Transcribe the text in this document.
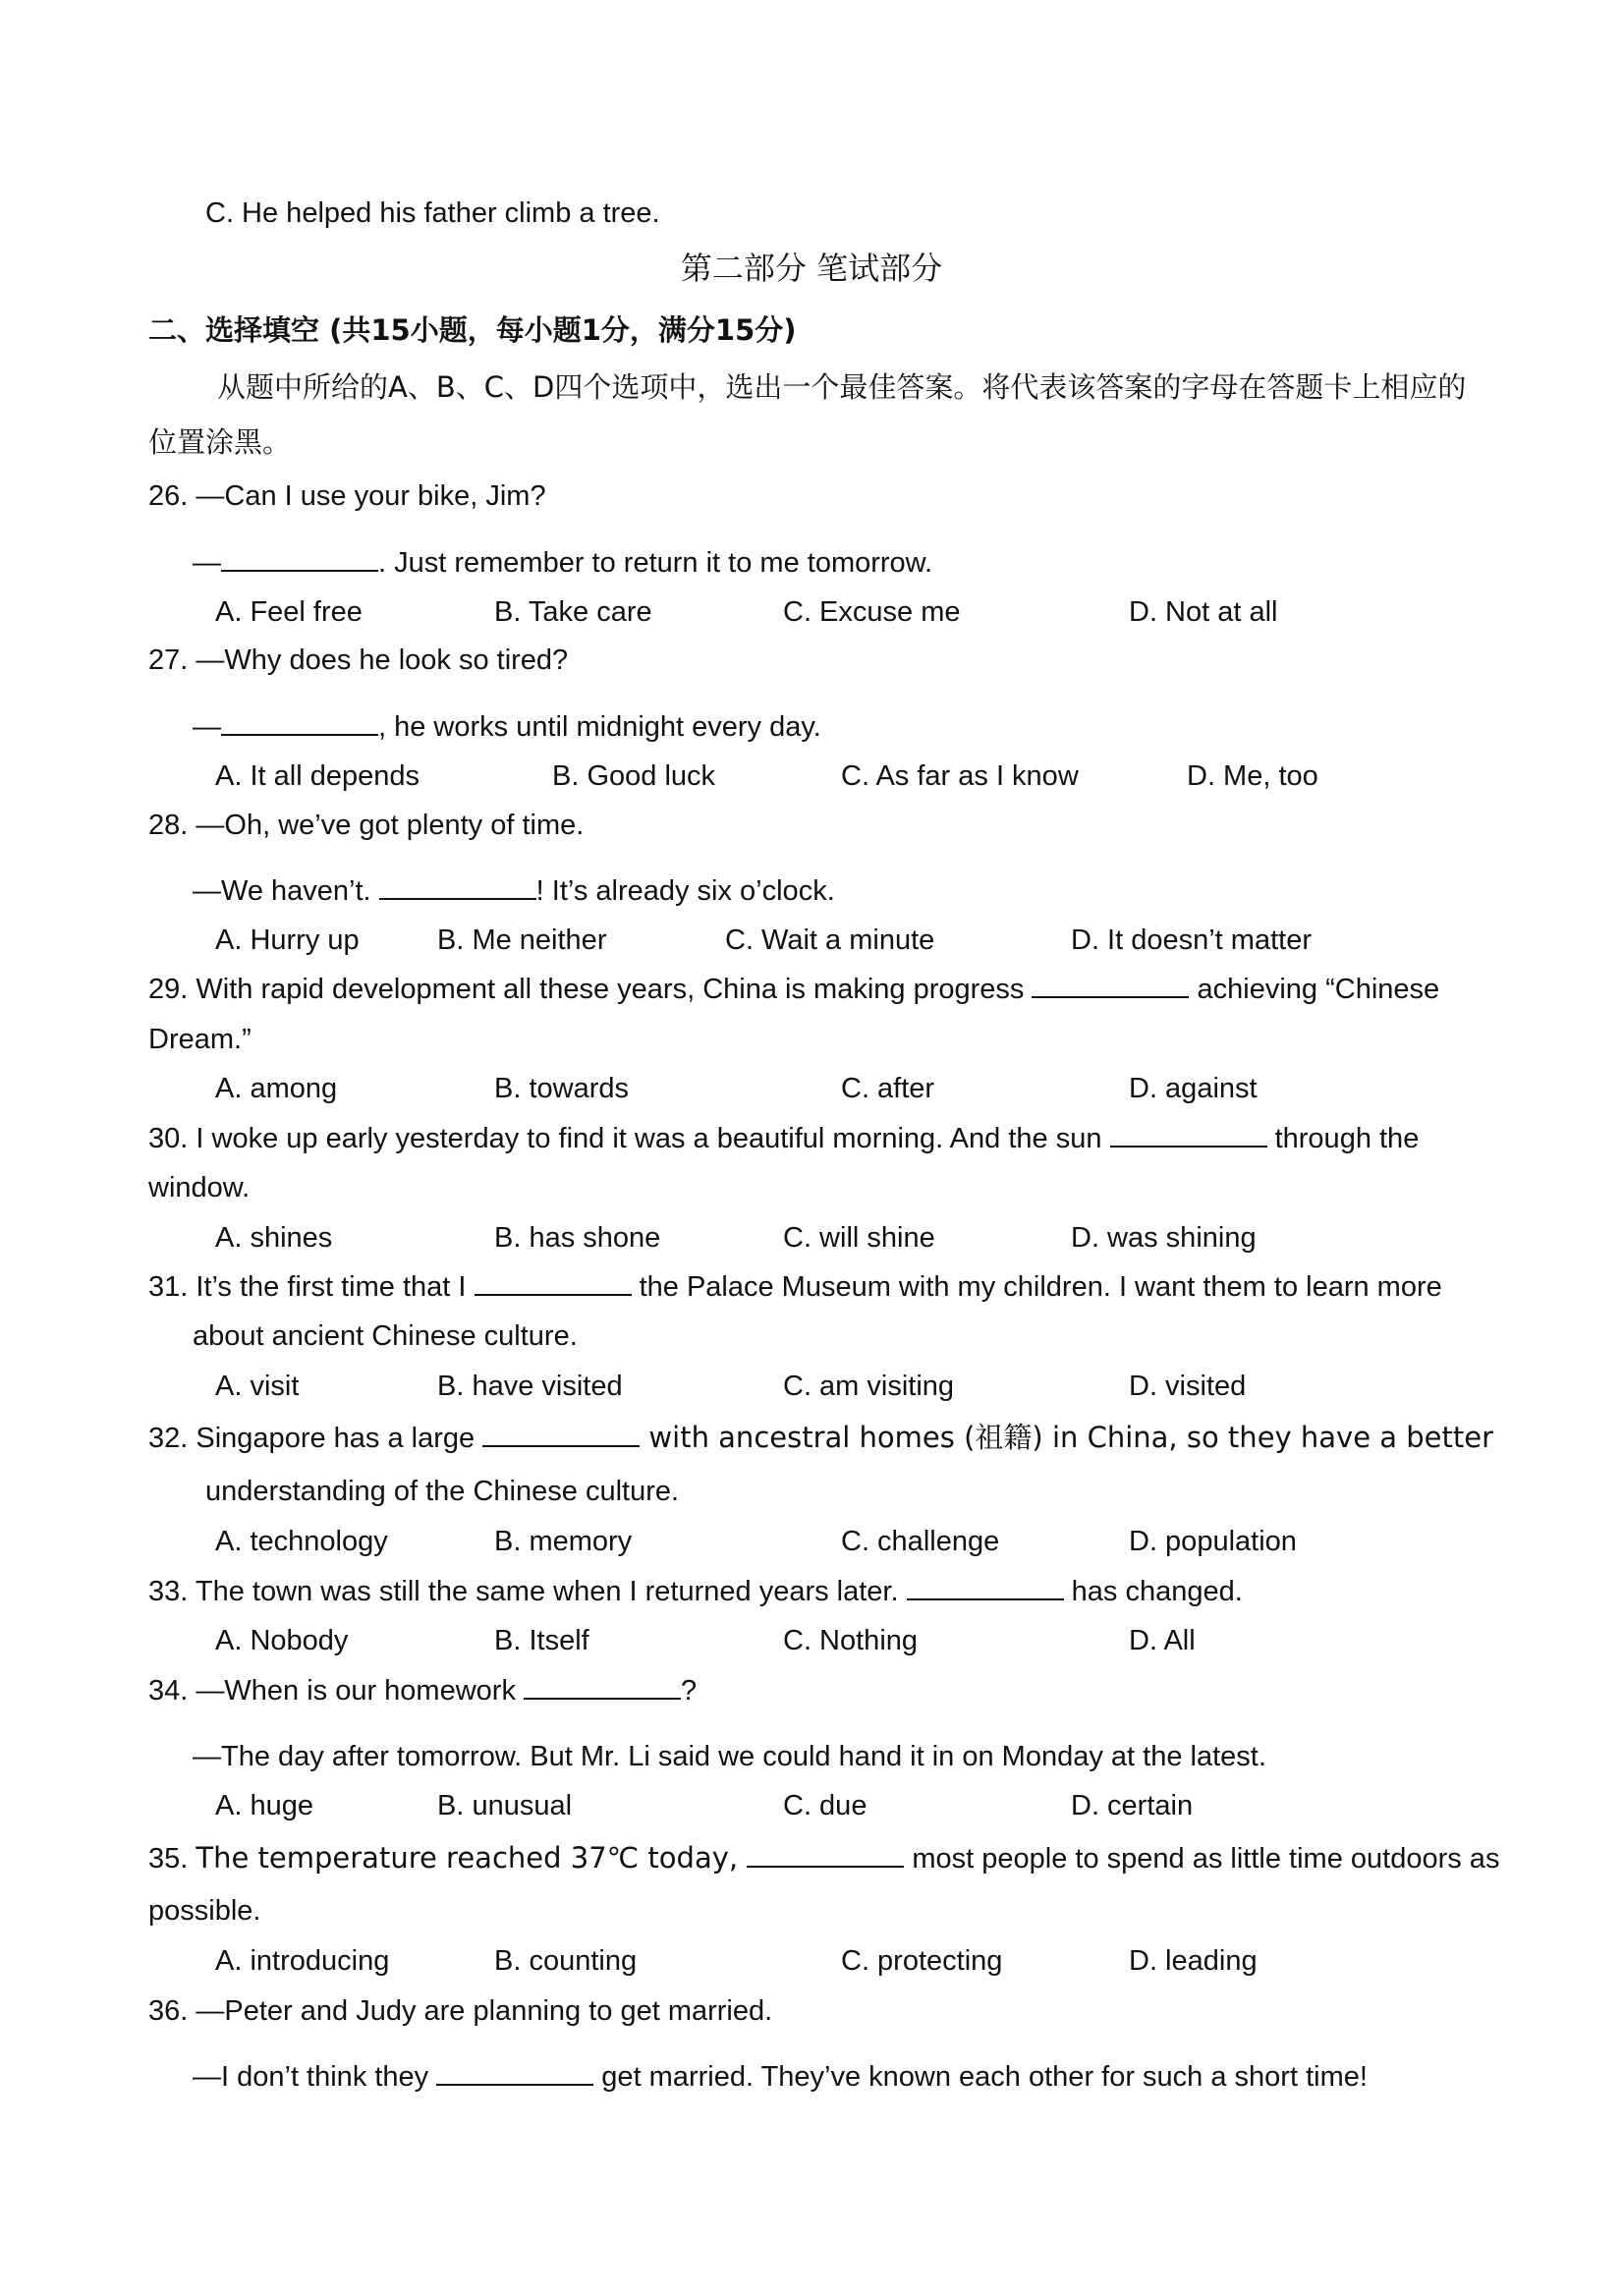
C. He helped his father climb a tree.
第二部分 笔试部分
二、选择填空 (共15小题，每小题1分，满分15分)
从题中所给的A、B、C、D四个选项中，选出一个最佳答案。将代表该答案的字母在答题卡上相应的
位置涂黑。
26. —Can I use your bike, Jim?
—	. Just remember to return it to me tomorrow.
A. Feel free	B. Take care	C. Excuse me	D. Not at all
27. —Why does he look so tired?
—	, he works until midnight every day.
A. It all depends	B. Good luck	C. As far as I know	D. Me, too
28. —Oh, we’ve got plenty of time.
—We haven’t.	! It’s already six o’clock.
A. Hurry up	B. Me neither	C. Wait a minute	D. It doesn’t matter
29. With rapid development all these years, China is making progress	achieving “Chinese
Dream.”
A. among	B. towards	C. after	D. against
30. I woke up early yesterday to find it was a beautiful morning. And the sun	through the
window.
A. shines	B. has shone	C. will shine	D. was shining
31. It’s the first time that I	the Palace Museum with my children. I want them to learn more
about ancient Chinese culture.
A. visit	B. have visited	C. am visiting	D. visited
32. Singapore has a large	with ancestral homes (祖籍) in China, so they have a better
understanding of the Chinese culture.
A. technology	B. memory	C. challenge	D. population
33. The town was still the same when I returned years later.	has changed.
A. Nobody	B. Itself	C. Nothing	D. All
34. —When is our homework	?
—The day after tomorrow. But Mr. Li said we could hand it in on Monday at the latest.
A. huge	B. unusual	C. due	D. certain
35. The temperature reached 37℃ today,	most people to spend as little time outdoors as
possible.
A. introducing	B. counting	C. protecting	D. leading
36. —Peter and Judy are planning to get married.
—I don’t think they	get married. They’ve known each other for such a short time!
